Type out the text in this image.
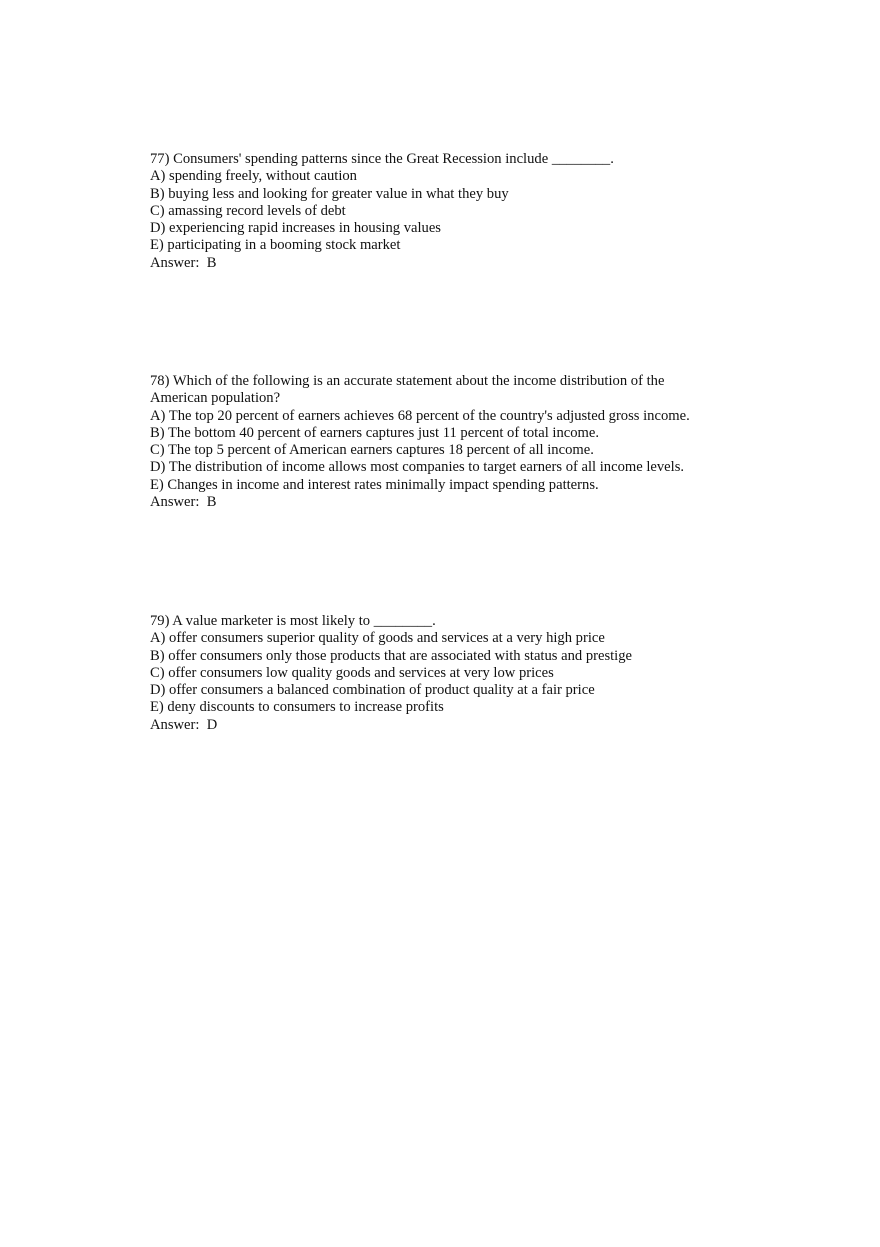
77) Consumers' spending patterns since the Great Recession include ________.
A) spending freely, without caution
B) buying less and looking for greater value in what they buy
C) amassing record levels of debt
D) experiencing rapid increases in housing values
E) participating in a booming stock market
Answer:  B
78) Which of the following is an accurate statement about the income distribution of the
American population?
A) The top 20 percent of earners achieves 68 percent of the country's adjusted gross income.
B) The bottom 40 percent of earners captures just 11 percent of total income.
C) The top 5 percent of American earners captures 18 percent of all income.
D) The distribution of income allows most companies to target earners of all income levels.
E) Changes in income and interest rates minimally impact spending patterns.
Answer:  B
79) A value marketer is most likely to ________.
A) offer consumers superior quality of goods and services at a very high price
B) offer consumers only those products that are associated with status and prestige
C) offer consumers low quality goods and services at very low prices
D) offer consumers a balanced combination of product quality at a fair price
E) deny discounts to consumers to increase profits
Answer:  D
